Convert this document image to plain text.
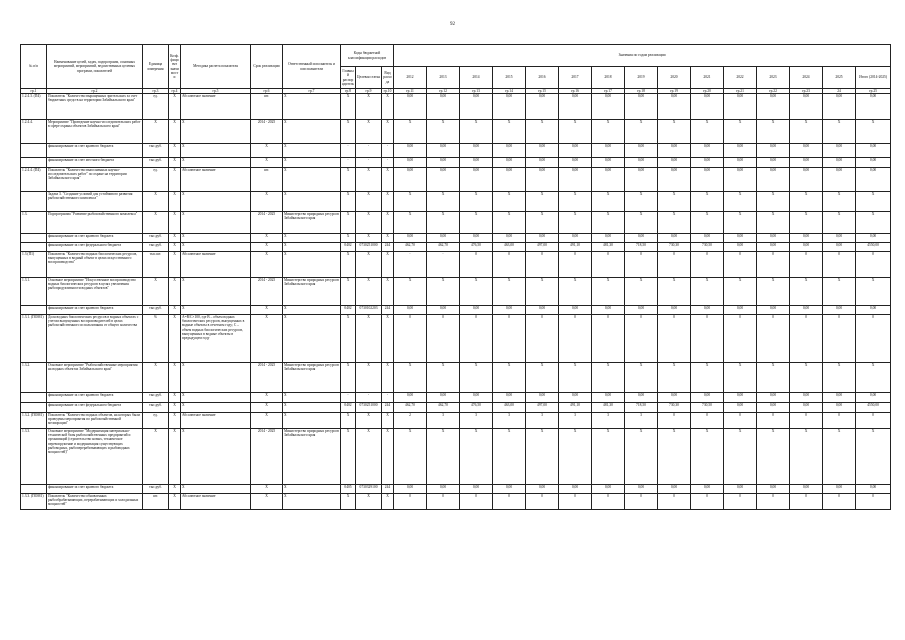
92
№ п/п	Наименование целей, задач, подпрограмм, основных мероприятий, мероприятий, ведомственных целевых программ, показателей	Единица измерения	Коэф. фициент значимости	Методика расчета показателя	Срок реализации	Ответственный исполнитель и соисполнители	Коды бюджетной классификации расходов			Значения по годам реализации														
							Главный распорядитель	Целевая статья	Вид расхода	2012	2013	2014	2015	2016	2017	2018	2019	2020	2021	2022	2023	2024	2025	Итого (2014-2025)
гр.1	гр.2	гр.3	гр.4	гр.5	гр.6	гр.7	гр.8	гр.9	гр.10	гр.11	гр.12	гр.13	гр.14	гр.15	гр.16	гр.17	гр.18	гр.19	гр.20	гр.21	гр.22	гр.23	24	гр.25
1.2.4.3. (П4)	Показатель "Количество выращенных зрительских за счет бюджетных средств на территории Забайкальского края"	ед.	X	Абсолютное значение	шт.	X	X	X	X	0,00	0,00	0,00	0,00	0,00	0,00	0,00	0,00	0,00	0,00	0,00	0,00	0,00	0,00	0,00
1.2.4.4.	Мероприятие "Проведение научно-исследовательских работ в сфере охраны объектов Забайкальского края"	X	X	X	2014 - 2025	X	X	X	X	X	X	X	X	X	X	X	X	X	X	X	X	X	X	X
	финансирование за счет краевого бюджета	тыс.руб.	X	X	X	X	-	-	-	0,00	0,00	0,00	0,00	0,00	0,00	0,00	0,00	0,00	0,00	0,00	0,00	0,00	0,00	0,00
	финансирование за счет местного бюджета	тыс.руб.	X	X	X	X	-	-	-	0,00	0,00	0,00	0,00	0,00	0,00	0,00	0,00	0,00	0,00	0,00	0,00	0,00	0,00	0,00
1.2.4.4. (П4)	Показатель "Количество выполненных научно-исследовательских работ" по охране на территории Забайкальского края"	ед.	X	Абсолютное значение	шт.	X	X	X	X	0,00	0,00	0,00	0,00	0,00	0,00	0,00	0,00	0,00	0,00	0,00	0,00	0,00	0,00	0,00
	Задача 3. "Создание условий для устойчивого развития рыбохозяйственного комплекса"	X	X	X	X	X	X	X	X	X	X	X	X	X	X	X	X	X	X	X	X	X	X	X
1.3.	Подпрограмма "Развитие рыбохозяйственного комплекса"	X	X	X	2014 - 2025	Министерство природных ресурсов Забайкальского края	X	X	X	X	X	X	X	X	X	X	X	X	X	X	X	X	X	X
	финансирование за счет краевого бюджета	тыс.руб.	X	X	X	X	X	X	X	0,00	0,00	0,00	0,00	0,00	0,00	0,00	0,00	0,00	0,00	0,00	0,00	0,00	0,00	0,00
	финансирование за счет федерального бюджета	тыс.руб.	X	X	X	X	0402	0730251000	244	462,70	462,70	476,50	463,00	497,00	491,10	481,30	718,50	730,30	730,50	0,00	0,00	0,00	0,00	4550,00
1.3 (П1)	Показатель "Количество водных биологических ресурсов, выпущенных в водный объект в целях искусственного воспроизводства"	тыс.шт.	X	Абсолютное значение	X	X	X	X	X	-	-	0	0	0	0	0	0	0	0	0	0	0	0	0
1.3.1.	Основное мероприятие "Искусственное воспроизводство водных биологических ресурсов в целях увеличения рыбопродуктивности водных объектов"	X	X	X	2014 - 2025	Министерство природных ресурсов Забайкальского края	X	X	X	X	X	X	X	X	X	X	X	X	X	X	X	X	X	X
	финансирование за счет краевого бюджета	тыс.руб.	X	X	X	X	0402	0730102203	244	0,00	0,00	0,00	0,00	0,00	0,00	0,00	0,00	0,00	0,00	0,00	0,00	0,00	0,00	0,00
1.3.1. (ПОМ1)	Доля водных биологических ресурсов в водных объектах с учетом выпущенных воспроизводителей в целях рыбохозяйственного использования от общего количества	%	X	А=В/С×100, где В – объем водных биологических ресурсов, выпущенных в водные объекты в отчетном году; С – объем водных биологических ресурсов, выпущенных в водные объекты в предыдущем году	X	X	X	X	X	0	0	0	0	0	0	0	0	0	0	0	0	0	0	0
1.3.2.	Основное мероприятие "Рыбохозяйственные мероприятия на водных объектах Забайкальского края"	X	X	X	2014 - 2025	Министерство природных ресурсов Забайкальского края	X	X	X	X	X	X	X	X	X	X	X	X	X	X	X	X	X	X
	финансирование за счет краевого бюджета	тыс.руб.	X	X	X	X	-	-	-	0,00	0,00	0,00	0,00	0,00	0,00	0,00	0,00	0,00	0,00	0,00	0,00	0,00	0,00	0,00
	финансирование за счет федерального бюджета	тыс.руб.	X	X	X	X	0402	0730251000	244	462,70	462,70	476,50	463,00	497,00	491,10	481,30	718,50	730,30	730,50	0,00	0,00	0,00	0,00	4550,00
1.3.2. (ПОМ1)	Показатель "Количество водных объектов, на которых были проведены мероприятия по рыбохозяйственной мелиорации"	ед.	X	Абсолютное значение	X	X	X	X	X	2	3	3	3	3	3	3	3	0	0	0	0	0	0	0
1.3.3.	Основное мероприятие "Модернизация материально-технической базы рыбохозяйственных предприятий и организаций (строительство новых, техническое перевооружение и модернизация существующих рыбоводных, рыбоперерабатывающих и рыбоводных мощностей)"	X	X	X	2014 - 2025	Министерство природных ресурсов Забайкальского края	X	X	X	X	X	X	X	X	X	X	X	X	X	X	X	X	X	X
	финансирование за счет краевого бюджета	тыс.руб.	X	X	X	X	0405	0730329100	244	0,00	0,00	0,00	0,00	0,00	0,00	0,00	0,00	0,00	0,00	0,00	0,00	0,00	0,00	0,00
1.3.3. (ПОМ1)	Показатель "Количество обновленных рыбообрабатывающих, перерабатывающих и холодильных мощностей"	шт.	X	Абсолютное значение	X	X	X	X	X	0	0	0	0	0	0	0	0	0	0	0	0	0	0	0
